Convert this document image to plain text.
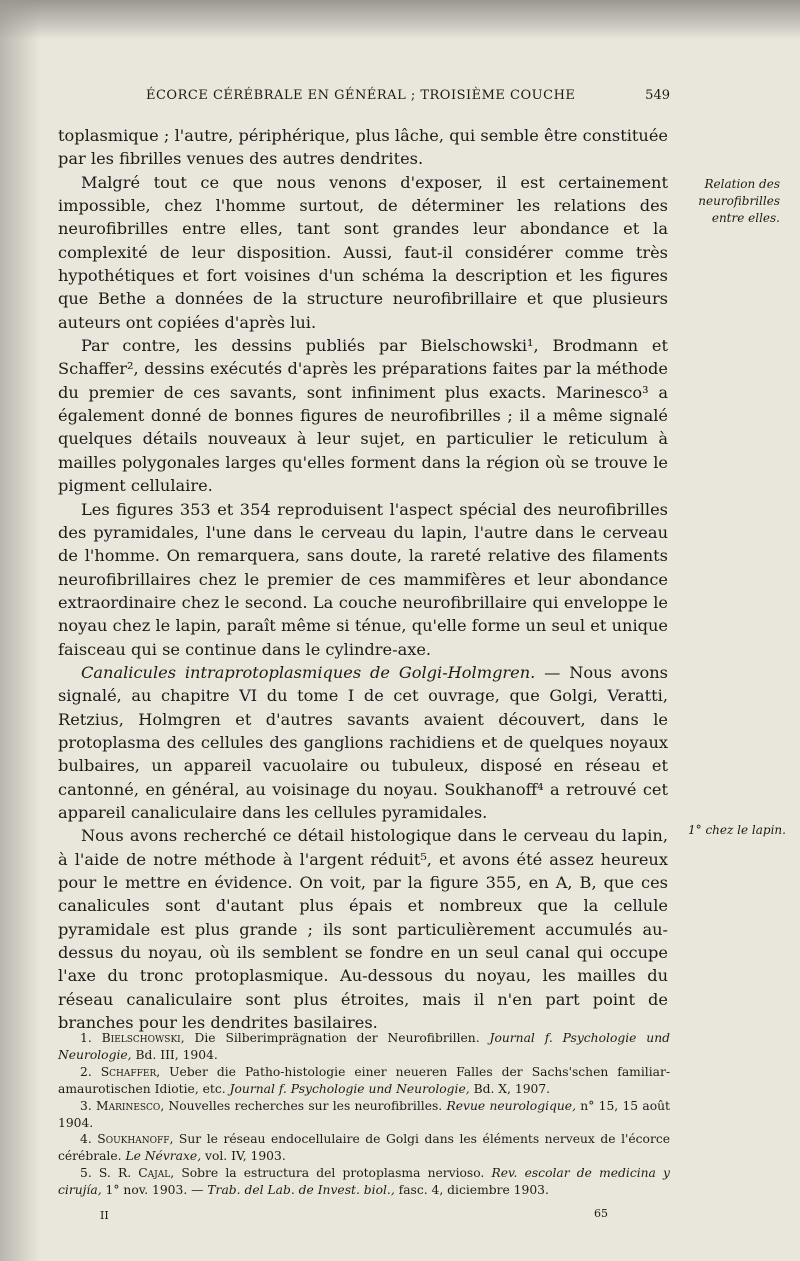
ÉCORCE CÉRÉBRALE EN GÉNÉRAL ; TROISIÈME COUCHE	549

toplasmique ; l'autre, périphérique, plus lâche, qui semble être constituée par les fibrilles venues des autres dendrites.

Malgré tout ce que nous venons d'exposer, il est certainement impossible, chez l'homme surtout, de déterminer les relations des neurofibrilles entre elles, tant sont grandes leur abondance et la complexité de leur disposition. Aussi, faut-il considérer comme très hypothétiques et fort voisines d'un schéma la description et les figures que Bethe a données de la structure neurofibrillaire et que plusieurs auteurs ont copiées d'après lui.

Par contre, les dessins publiés par Bielschowski¹, Brodmann et Schaffer², dessins exécutés d'après les préparations faites par la méthode du premier de ces savants, sont infiniment plus exacts. Marinesco³ a également donné de bonnes figures de neurofibrilles ; il a même signalé quelques détails nouveaux à leur sujet, en particulier le reticulum à mailles polygonales larges qu'elles forment dans la région où se trouve le pigment cellulaire.

Les figures 353 et 354 reproduisent l'aspect spécial des neurofibrilles des pyramidales, l'une dans le cerveau du lapin, l'autre dans le cerveau de l'homme. On remarquera, sans doute, la rareté relative des filaments neurofibrillaires chez le premier de ces mammifères et leur abondance extraordinaire chez le second. La couche neurofibrillaire qui enveloppe le noyau chez le lapin, paraît même si ténue, qu'elle forme un seul et unique faisceau qui se continue dans le cylindre-axe.

Canalicules intraprotoplasmiques de Golgi-Holmgren. — Nous avons signalé, au chapitre VI du tome I de cet ouvrage, que Golgi, Veratti, Retzius, Holmgren et d'autres savants avaient découvert, dans le protoplasma des cellules des ganglions rachidiens et de quelques noyaux bulbaires, un appareil vacuolaire ou tubuleux, disposé en réseau et cantonné, en général, au voisinage du noyau. Soukhanoff⁴ a retrouvé cet appareil canaliculaire dans les cellules pyramidales.

Nous avons recherché ce détail histologique dans le cerveau du lapin, à l'aide de notre méthode à l'argent réduit⁵, et avons été assez heureux pour le mettre en évidence. On voit, par la figure 355, en A, B, que ces canalicules sont d'autant plus épais et nombreux que la cellule pyramidale est plus grande ; ils sont particulièrement accumulés au-dessus du noyau, où ils semblent se fondre en un seul canal qui occupe l'axe du tronc protoplasmique. Au-dessous du noyau, les mailles du réseau canaliculaire sont plus étroites, mais il n'en part point de branches pour les dendrites basilaires.

Relation des neurofibrilles entre elles.
1° chez le lapin.

1. Bielschowski, Die Silberimprägnation der Neurofibrillen. Journal f. Psychologie und Neurologie, Bd. III, 1904.

2. Schaffer, Ueber die Patho-histologie einer neueren Falles der Sachs'schen familiar-amaurotischen Idiotie, etc. Journal f. Psychologie und Neurologie, Bd. X, 1907.

3. Marinesco, Nouvelles recherches sur les neurofibrilles. Revue neurologique, n° 15, 15 août 1904.

4. Soukhanoff, Sur le réseau endocellulaire de Golgi dans les éléments nerveux de l'écorce cérébrale. Le Névraxe, vol. IV, 1903.

5. S. R. Cajal, Sobre la estructura del protoplasma nervioso. Rev. escolar de medicina y cirujía, 1° nov. 1903. — Trab. del Lab. de Invest. biol., fasc. 4, diciembre 1903.

II	65
